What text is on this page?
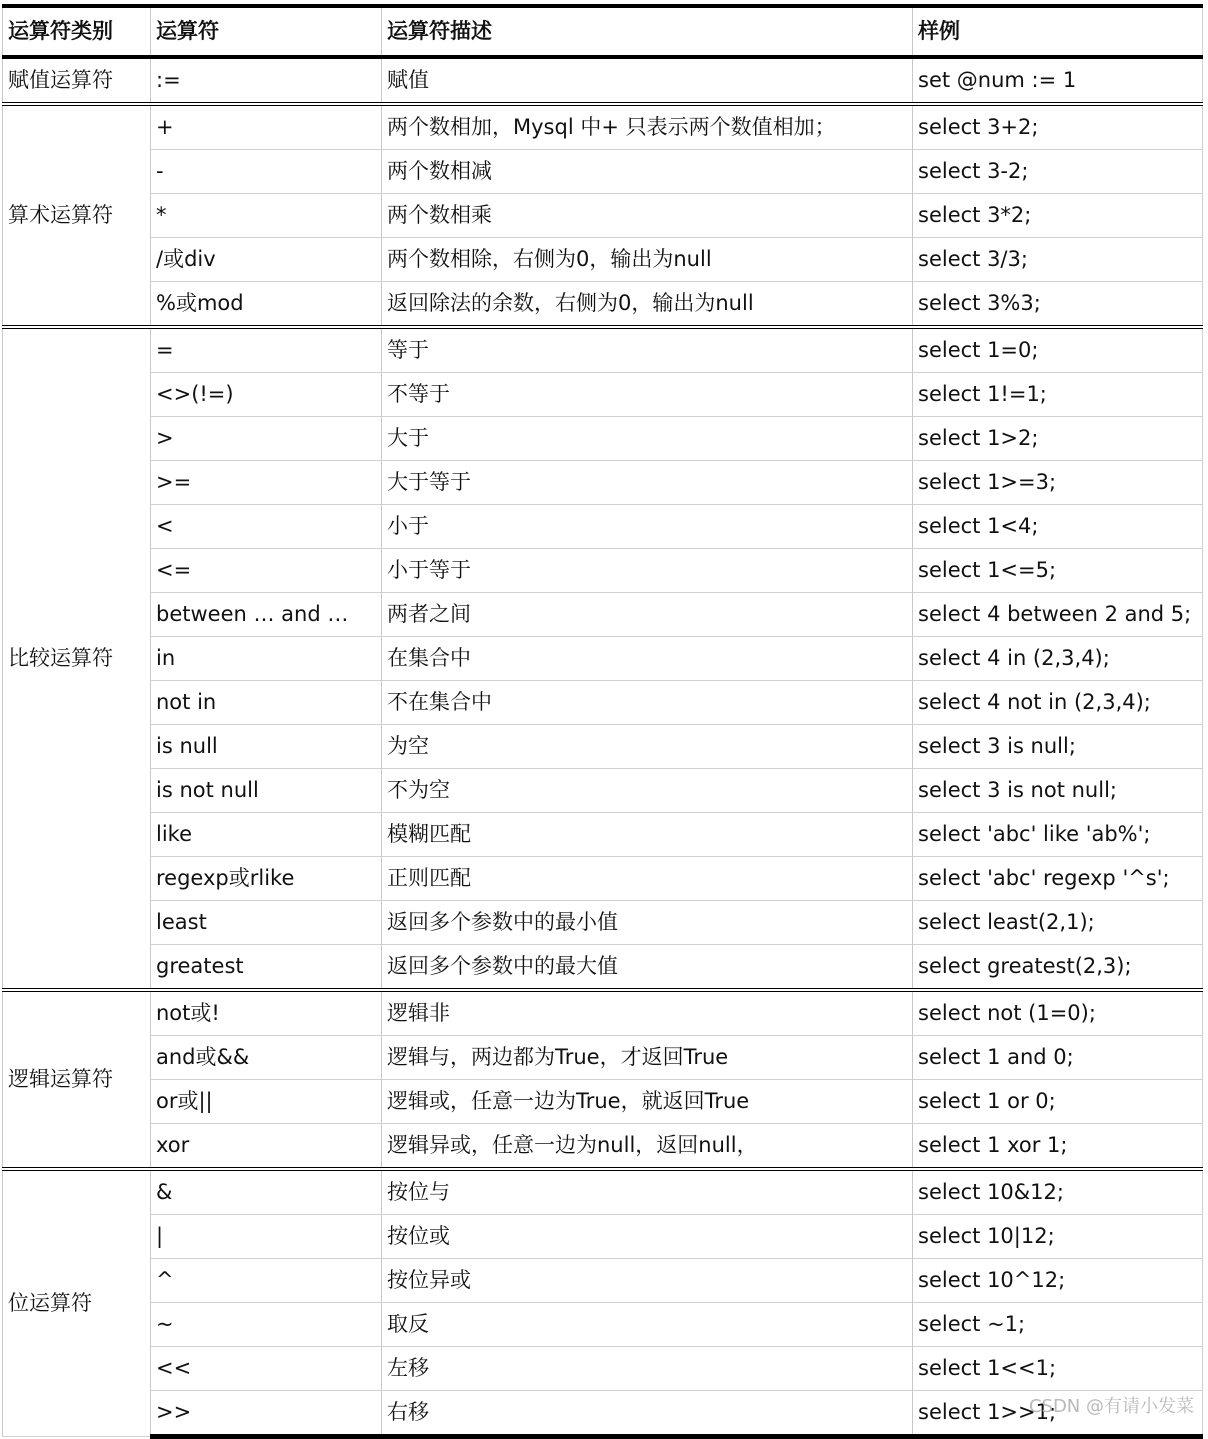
运算符类别	运算符	运算符描述	样例
赋值运算符	:=	赋值	set @num := 1
算术运算符	+	两个数相加，Mysql 中+ 只表示两个数值相加；	select 3+2;
	-	两个数相减	select 3-2;
	*	两个数相乘	select 3*2;
	/或div	两个数相除，右侧为0，输出为null	select 3/3;
	%或mod	返回除法的余数，右侧为0，输出为null	select 3%3;
比较运算符	=	等于	select 1=0;
	<>(!=)	不等于	select 1!=1;
	>	大于	select 1>2;
	>=	大于等于	select 1>=3;
	<	小于	select 1<4;
	<=	小于等于	select 1<=5;
	between … and …	两者之间	select 4 between 2 and 5;
	in	在集合中	select 4 in (2,3,4);
	not in	不在集合中	select 4 not in (2,3,4);
	is null	为空	select 3 is null;
	is not null	不为空	select 3 is not null;
	like	模糊匹配	select 'abc' like 'ab%';
	regexp或rlike	正则匹配	select 'abc' regexp '^s';
	least	返回多个参数中的最小值	select least(2,1);
	greatest	返回多个参数中的最大值	select greatest(2,3);
逻辑运算符	not或!	逻辑非	select not (1=0);
	and或&&	逻辑与，两边都为True，才返回True	select 1 and 0;
	or或||	逻辑或，任意一边为True，就返回True	select 1 or 0;
	xor	逻辑异或，任意一边为null，返回null，	select 1 xor 1;
位运算符	&	按位与	select 10&12;
	|	按位或	select 10|12;
	^	按位异或	select 10^12;
	~	取反	select ~1;
	<<	左移	select 1<<1;
	>>	右移	select 1>>1;
CSDN @有请小发菜
